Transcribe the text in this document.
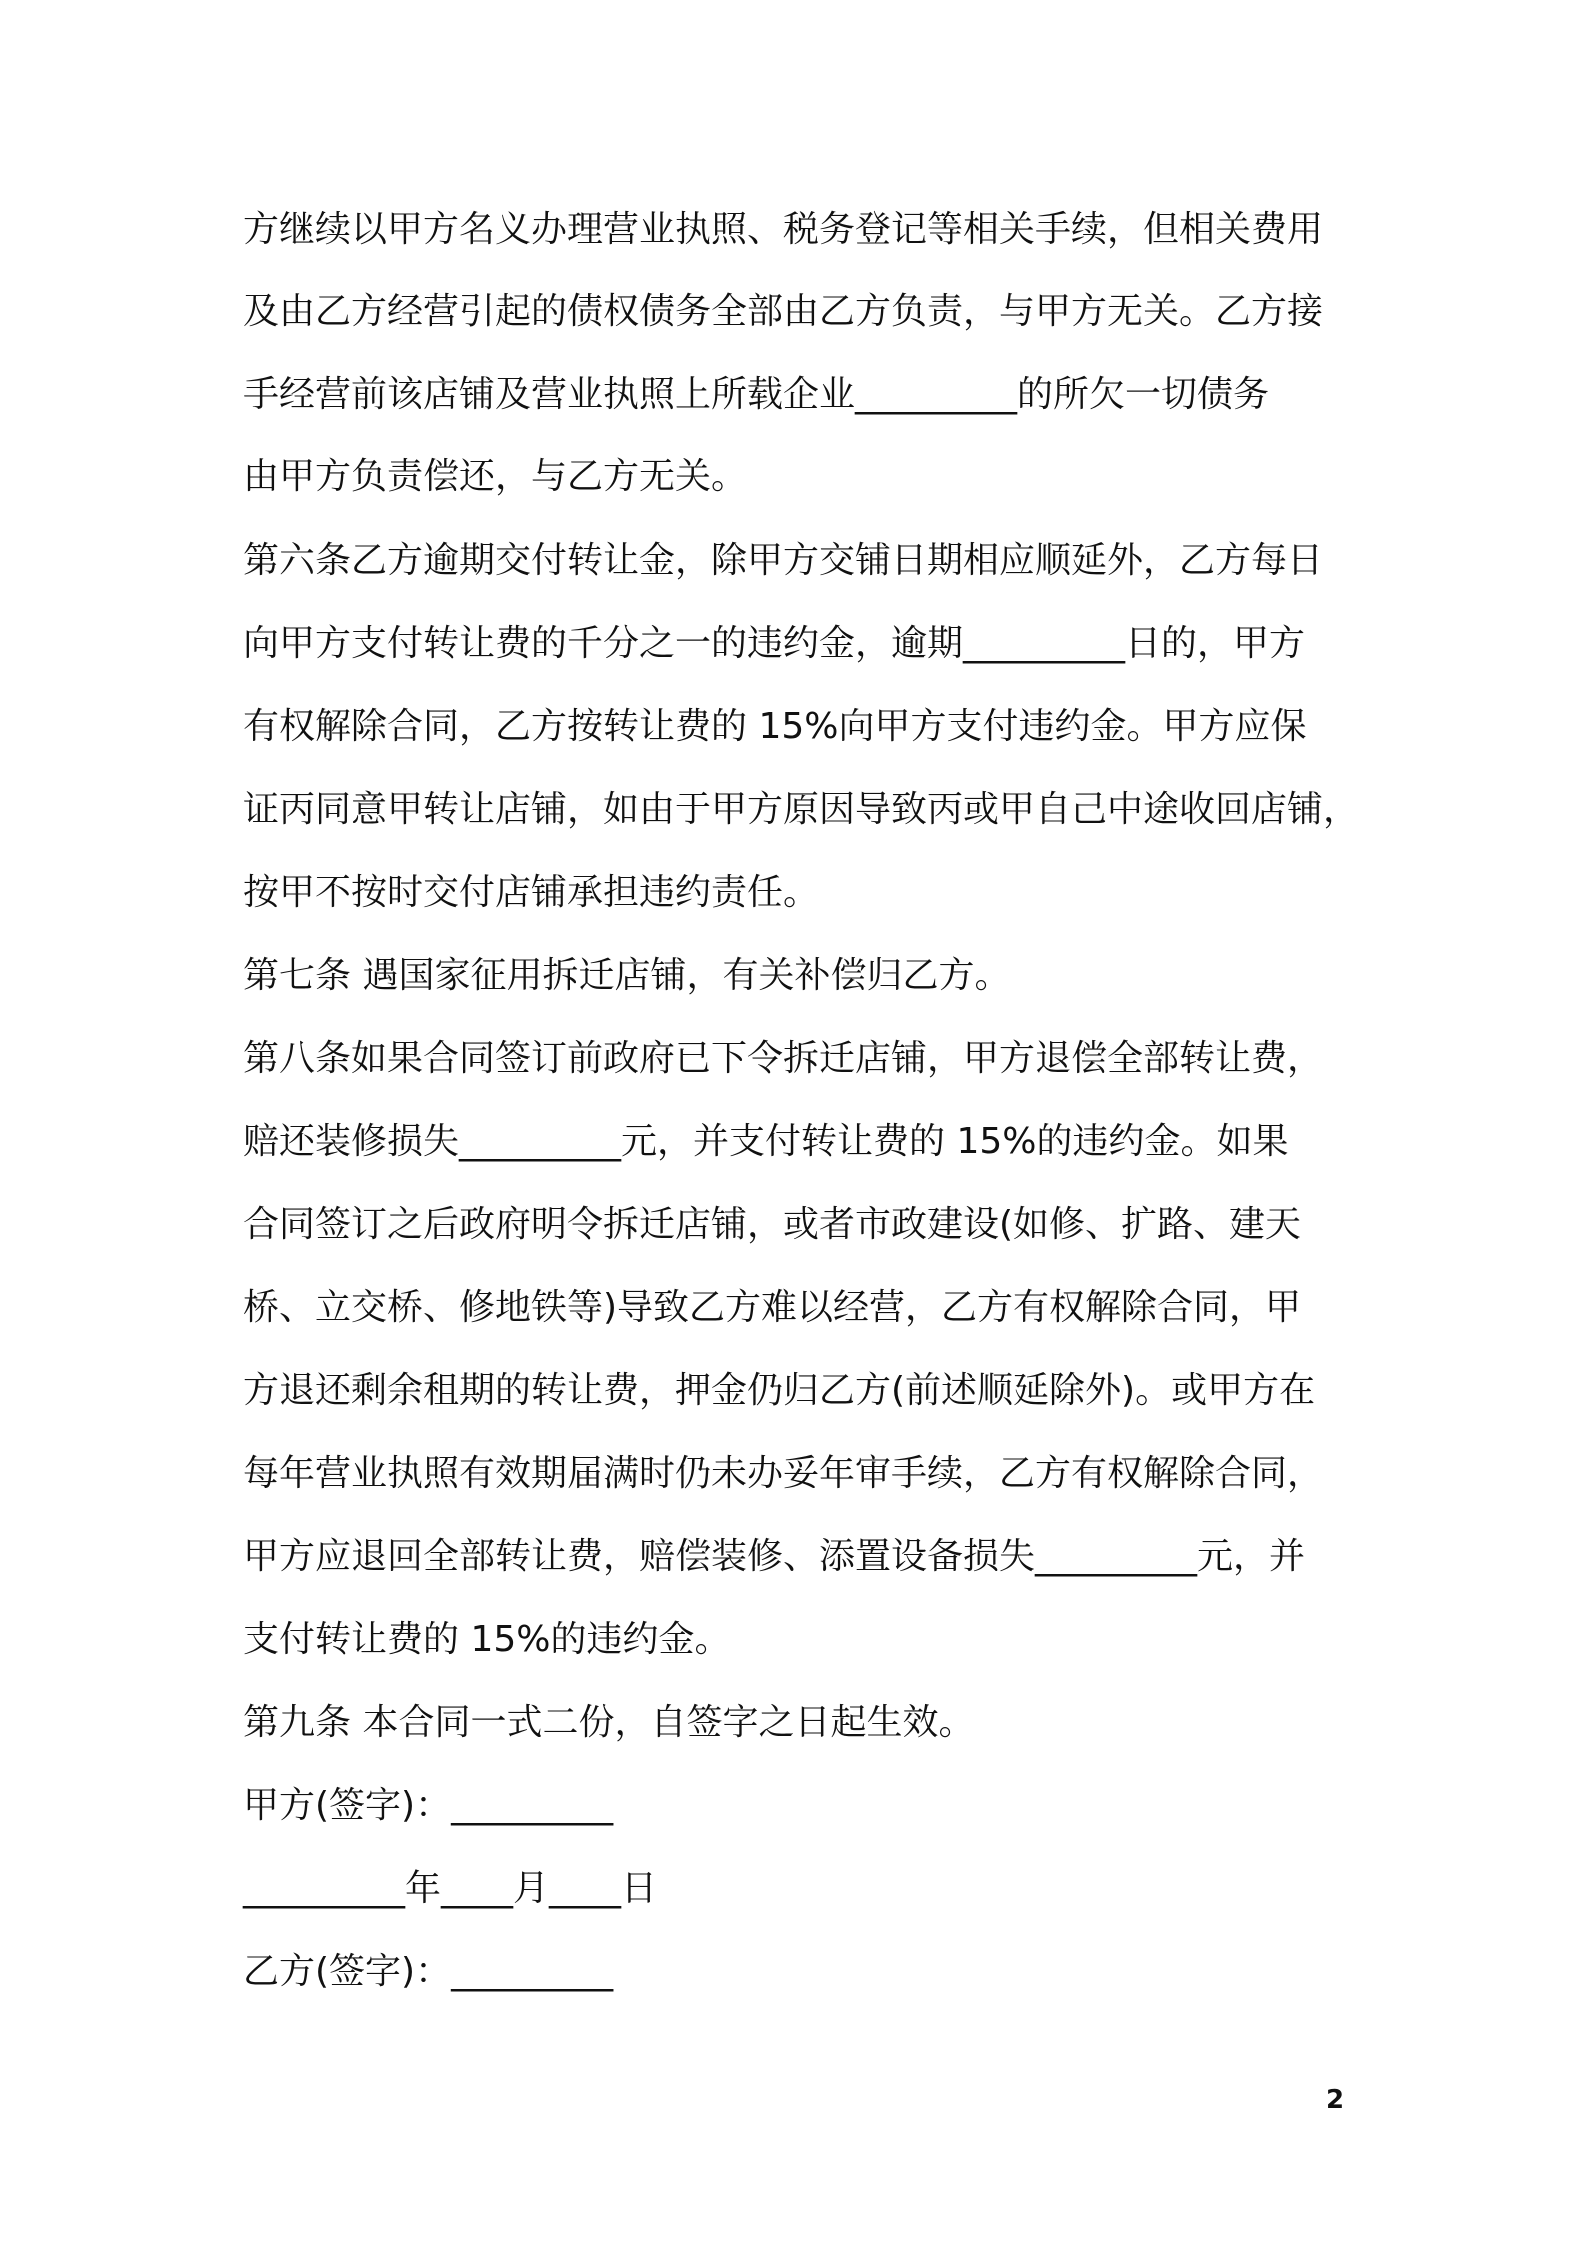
方继续以甲方名义办理营业执照、税务登记等相关手续，但相关费用
及由乙方经营引起的债权债务全部由乙方负责，与甲方无关。乙方接
手经营前该店铺及营业执照上所载企业_________的所欠一切债务
由甲方负责偿还，与乙方无关。
第六条乙方逾期交付转让金，除甲方交铺日期相应顺延外，乙方每日
向甲方支付转让费的千分之一的违约金，逾期_________日的，甲方
有权解除合同，乙方按转让费的 15%向甲方支付违约金。甲方应保
证丙同意甲转让店铺，如由于甲方原因导致丙或甲自己中途收回店铺，
按甲不按时交付店铺承担违约责任。
第七条 遇国家征用拆迁店铺，有关补偿归乙方。
第八条如果合同签订前政府已下令拆迁店铺，甲方退偿全部转让费，
赔还装修损失_________元，并支付转让费的 15%的违约金。如果
合同签订之后政府明令拆迁店铺，或者市政建设(如修、扩路、建天
桥、立交桥、修地铁等)导致乙方难以经营，乙方有权解除合同，甲
方退还剩余租期的转让费，押金仍归乙方(前述顺延除外)。或甲方在
每年营业执照有效期届满时仍未办妥年审手续，乙方有权解除合同，
甲方应退回全部转让费，赔偿装修、添置设备损失_________元，并
支付转让费的 15%的违约金。
第九条 本合同一式二份，自签字之日起生效。
甲方(签字)：_________
_________年____月____日
乙方(签字)：_________
2
